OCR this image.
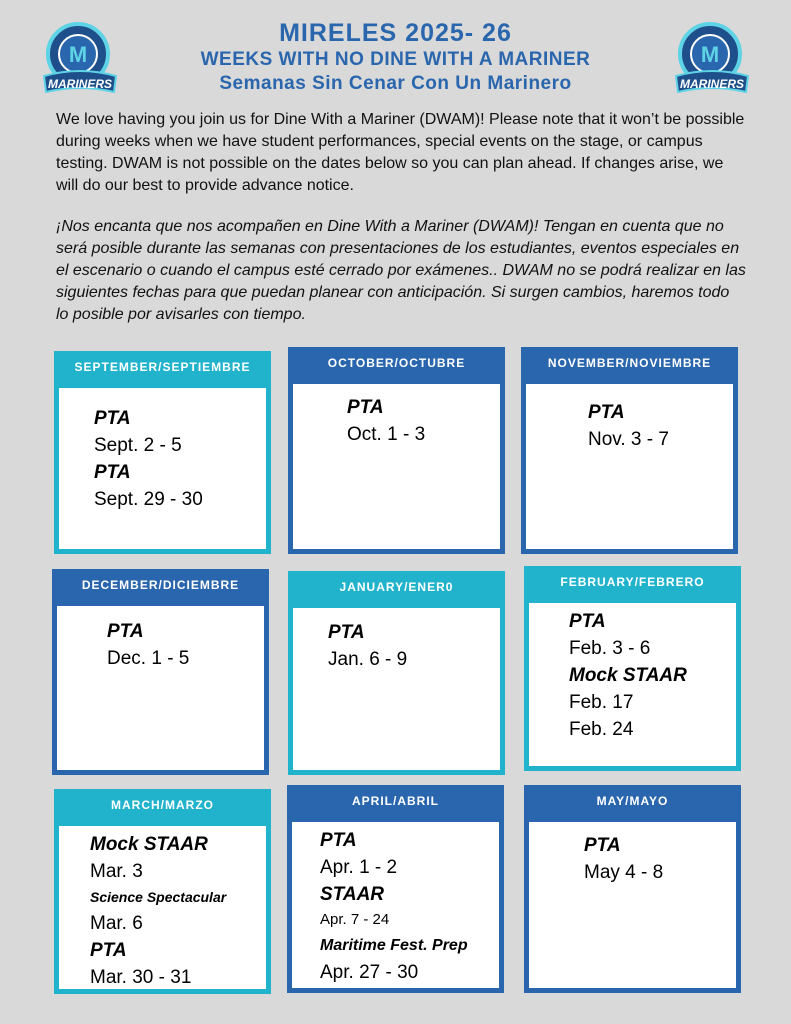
M
MARINERS
M
MARINERS
MIRELES 2025- 26
WEEKS WITH NO DINE WITH A MARINER
Semanas Sin Cenar Con Un Marinero
We love having you join us for Dine With a Mariner (DWAM)! Please note that it won’t be possible during weeks when we have student performances, special events on the stage, or campus testing. DWAM is not possible on the dates below so you can plan ahead. If changes arise, we will do our best to provide advance notice.
¡Nos encanta que nos acompañen en Dine With a Mariner (DWAM)! Tengan en cuenta que no será posible durante las semanas con presentaciones de los estudiantes, eventos especiales en el escenario o cuando el campus esté cerrado por exámenes.. DWAM no se podrá realizar en las siguientes fechas para que puedan planear con anticipación. Si surgen cambios, haremos todo lo posible por avisarles con tiempo.
SEPTEMBER/SEPTIEMBRE
PTA
Sept. 2 - 5
PTA
Sept. 29 - 30
OCTOBER/OCTUBRE
PTA
Oct. 1 - 3
NOVEMBER/NOVIEMBRE
PTA
Nov. 3 - 7
DECEMBER/DICIEMBRE
PTA
Dec. 1 - 5
JANUARY/ENER0
PTA
Jan. 6 - 9
FEBRUARY/FEBRERO
PTA
Feb. 3 - 6
Mock STAAR
Feb. 17
Feb. 24
MARCH/MARZO
Mock STAAR
Mar. 3
Science Spectacular
Mar. 6
PTA
Mar. 30 - 31
APRIL/ABRIL
PTA
Apr. 1 - 2
STAAR
Apr. 7 - 24
Maritime Fest. Prep
Apr. 27 - 30
MAY/MAYO
PTA
May 4 - 8
